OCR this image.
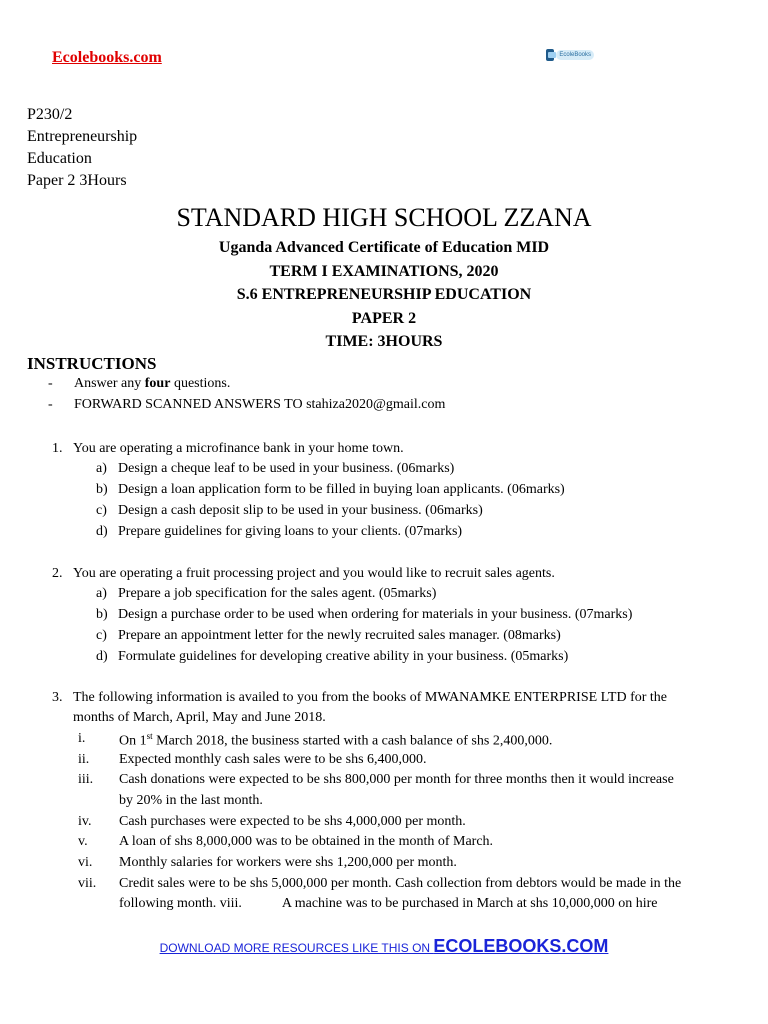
Ecolebooks.com	EcoleBooks
P230/2
Entrepreneurship
Education
Paper 2 3Hours
STANDARD HIGH SCHOOL ZZANA
Uganda Advanced Certificate of Education MID
TERM I EXAMINATIONS, 2020
S.6 ENTREPRENEURSHIP EDUCATION
PAPER 2
TIME: 3HOURS
INSTRUCTIONS
- Answer any four questions.
- FORWARD SCANNED ANSWERS TO stahiza2020@gmail.com
1. You are operating a microfinance bank in your home town.
a) Design a cheque leaf to be used in your business. (06marks)
b) Design a loan application form to be filled in buying loan applicants. (06marks)
c) Design a cash deposit slip to be used in your business. (06marks)
d) Prepare guidelines for giving loans to your clients. (07marks)
2. You are operating a fruit processing project and you would like to recruit sales agents.
a) Prepare a job specification for the sales agent. (05marks)
b) Design a purchase order to be used when ordering for materials in your business. (07marks)
c) Prepare an appointment letter for the newly recruited sales manager. (08marks)
d) Formulate guidelines for developing creative ability in your business. (05marks)
3. The following information is availed to you from the books of MWANAMKE ENTERPRISE LTD for the
months of March, April, May and June 2018.
i. On 1st March 2018, the business started with a cash balance of shs 2,400,000.
ii. Expected monthly cash sales were to be shs 6,400,000.
iii. Cash donations were expected to be shs 800,000 per month for three months then it would increase
by 20% in the last month.
iv. Cash purchases were expected to be shs 4,000,000 per month.
v. A loan of shs 8,000,000 was to be obtained in the month of March.
vi. Monthly salaries for workers were shs 1,200,000 per month.
vii. Credit sales were to be shs 5,000,000 per month. Cash collection from debtors would be made in the
following month. viii.	A machine was to be purchased in March at shs 10,000,000 on hire
DOWNLOAD MORE RESOURCES LIKE THIS ON ECOLEBOOKS.COM
